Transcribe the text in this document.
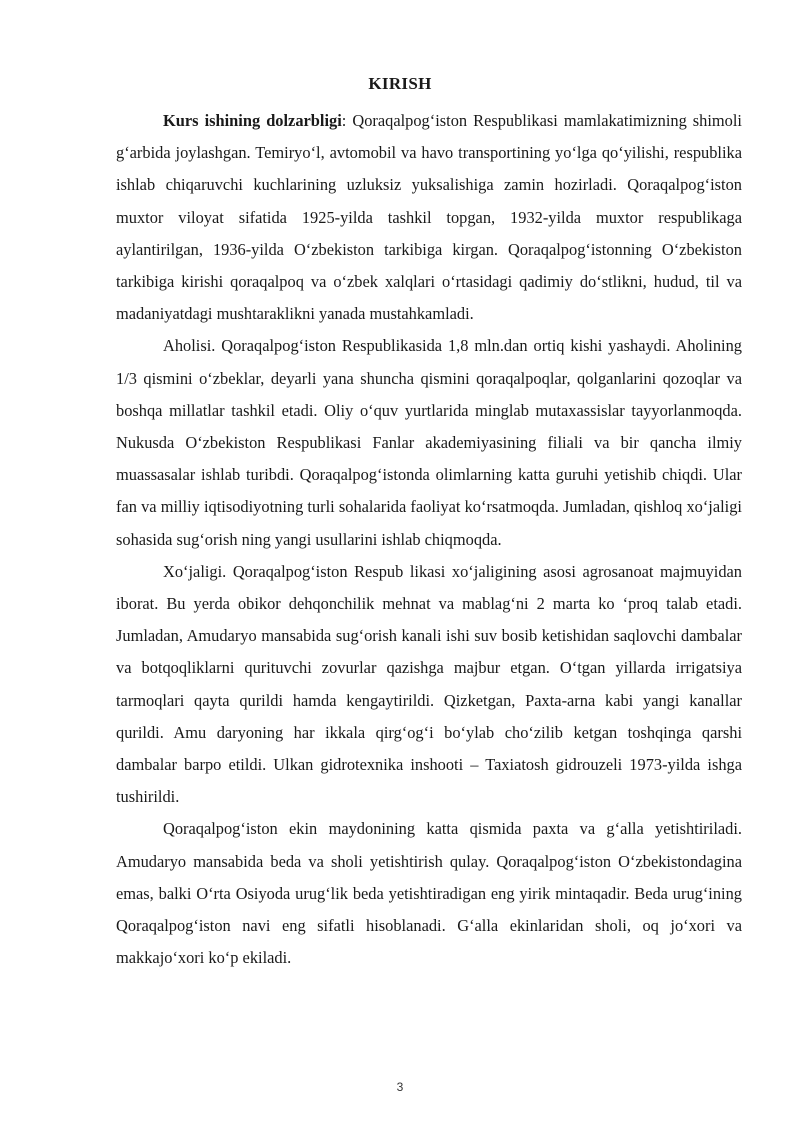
KIRISH

Kurs ishining dolzarbligi: Qoraqalpog‘iston Respublikasi mamlakatimizning shimoli g‘arbida joylashgan. Temiryo‘l, avtomobil va havo transportining yo‘lga qo‘yilishi, respublika ishlab chiqaruvchi kuchlarining uzluksiz yuksalishiga zamin hozirladi. Qoraqalpog‘iston muxtor viloyat sifatida 1925-yilda tashkil topgan, 1932-yilda muxtor respublikaga aylantirilgan, 1936-yilda O‘zbekiston tarkibiga kirgan. Qoraqalpog‘istonning O‘zbekiston tarkibiga kirishi qoraqalpoq va o‘zbek xalqlari o‘rtasidagi qadimiy do‘stlikni, hudud, til va madaniyatdagi mushtaraklikni yanada mustahkamladi.

Aholisi. Qoraqalpog‘iston Respublikasida 1,8 mln.dan ortiq kishi yashaydi. Aholining 1/3 qismini o‘zbeklar, deyarli yana shuncha qismini qoraqalpoqlar, qolganlarini qozoqlar va boshqa millatlar tashkil etadi. Oliy o‘quv yurtlarida minglab mutaxassislar tayyorlanmoqda. Nukusda O‘zbekiston Respublikasi Fanlar akademiyasining filiali va bir qancha ilmiy muassasalar ishlab turibdi. Qoraqalpog‘istonda olimlarning katta guruhi yetishib chiqdi. Ular fan va milliy iqtisodiyotning turli sohalarida faoliyat ko‘rsatmoqda. Jumladan, qishloq xo‘jaligi sohasida sug‘orish ning yangi usullarini ishlab chiqmoqda.

Xo‘jaligi. Qoraqalpog‘iston Respub likasi xo‘jaligining asosi agrosanoat majmuyidan iborat. Bu yerda obikor dehqonchilik mehnat va mablag‘ni 2 marta ko ‘proq talab etadi. Jumladan, Amudaryo mansabida sug‘orish kanali ishi suv bosib ketishidan saqlovchi dambalar va botqoqliklarni qurituvchi zovurlar qazishga majbur etgan. O‘tgan yillarda irrigatsiya tarmoqlari qayta qurildi hamda kengaytirildi. Qizketgan, Paxta-arna kabi yangi kanallar qurildi. Amu daryoning har ikkala qirg‘og‘i bo‘ylab cho‘zilib ketgan toshqinga qarshi dambalar barpo etildi. Ulkan gidrotexnika inshooti – Taxiatosh gidrouzeli 1973-yilda ishga tushirildi.

Qoraqalpog‘iston ekin maydonining katta qismida paxta va g‘alla yetishtiriladi. Amudaryo mansabida beda va sholi yetishtirish qulay. Qoraqalpog‘iston O‘zbekistondagina emas, balki O‘rta Osiyoda urug‘lik beda yetishtiradigan eng yirik mintaqadir. Beda urug‘ining Qoraqalpog‘iston navi eng sifatli hisoblanadi. G‘alla ekinlaridan sholi, oq jo‘xori va makkajo‘xori ko‘p ekiladi.

3
